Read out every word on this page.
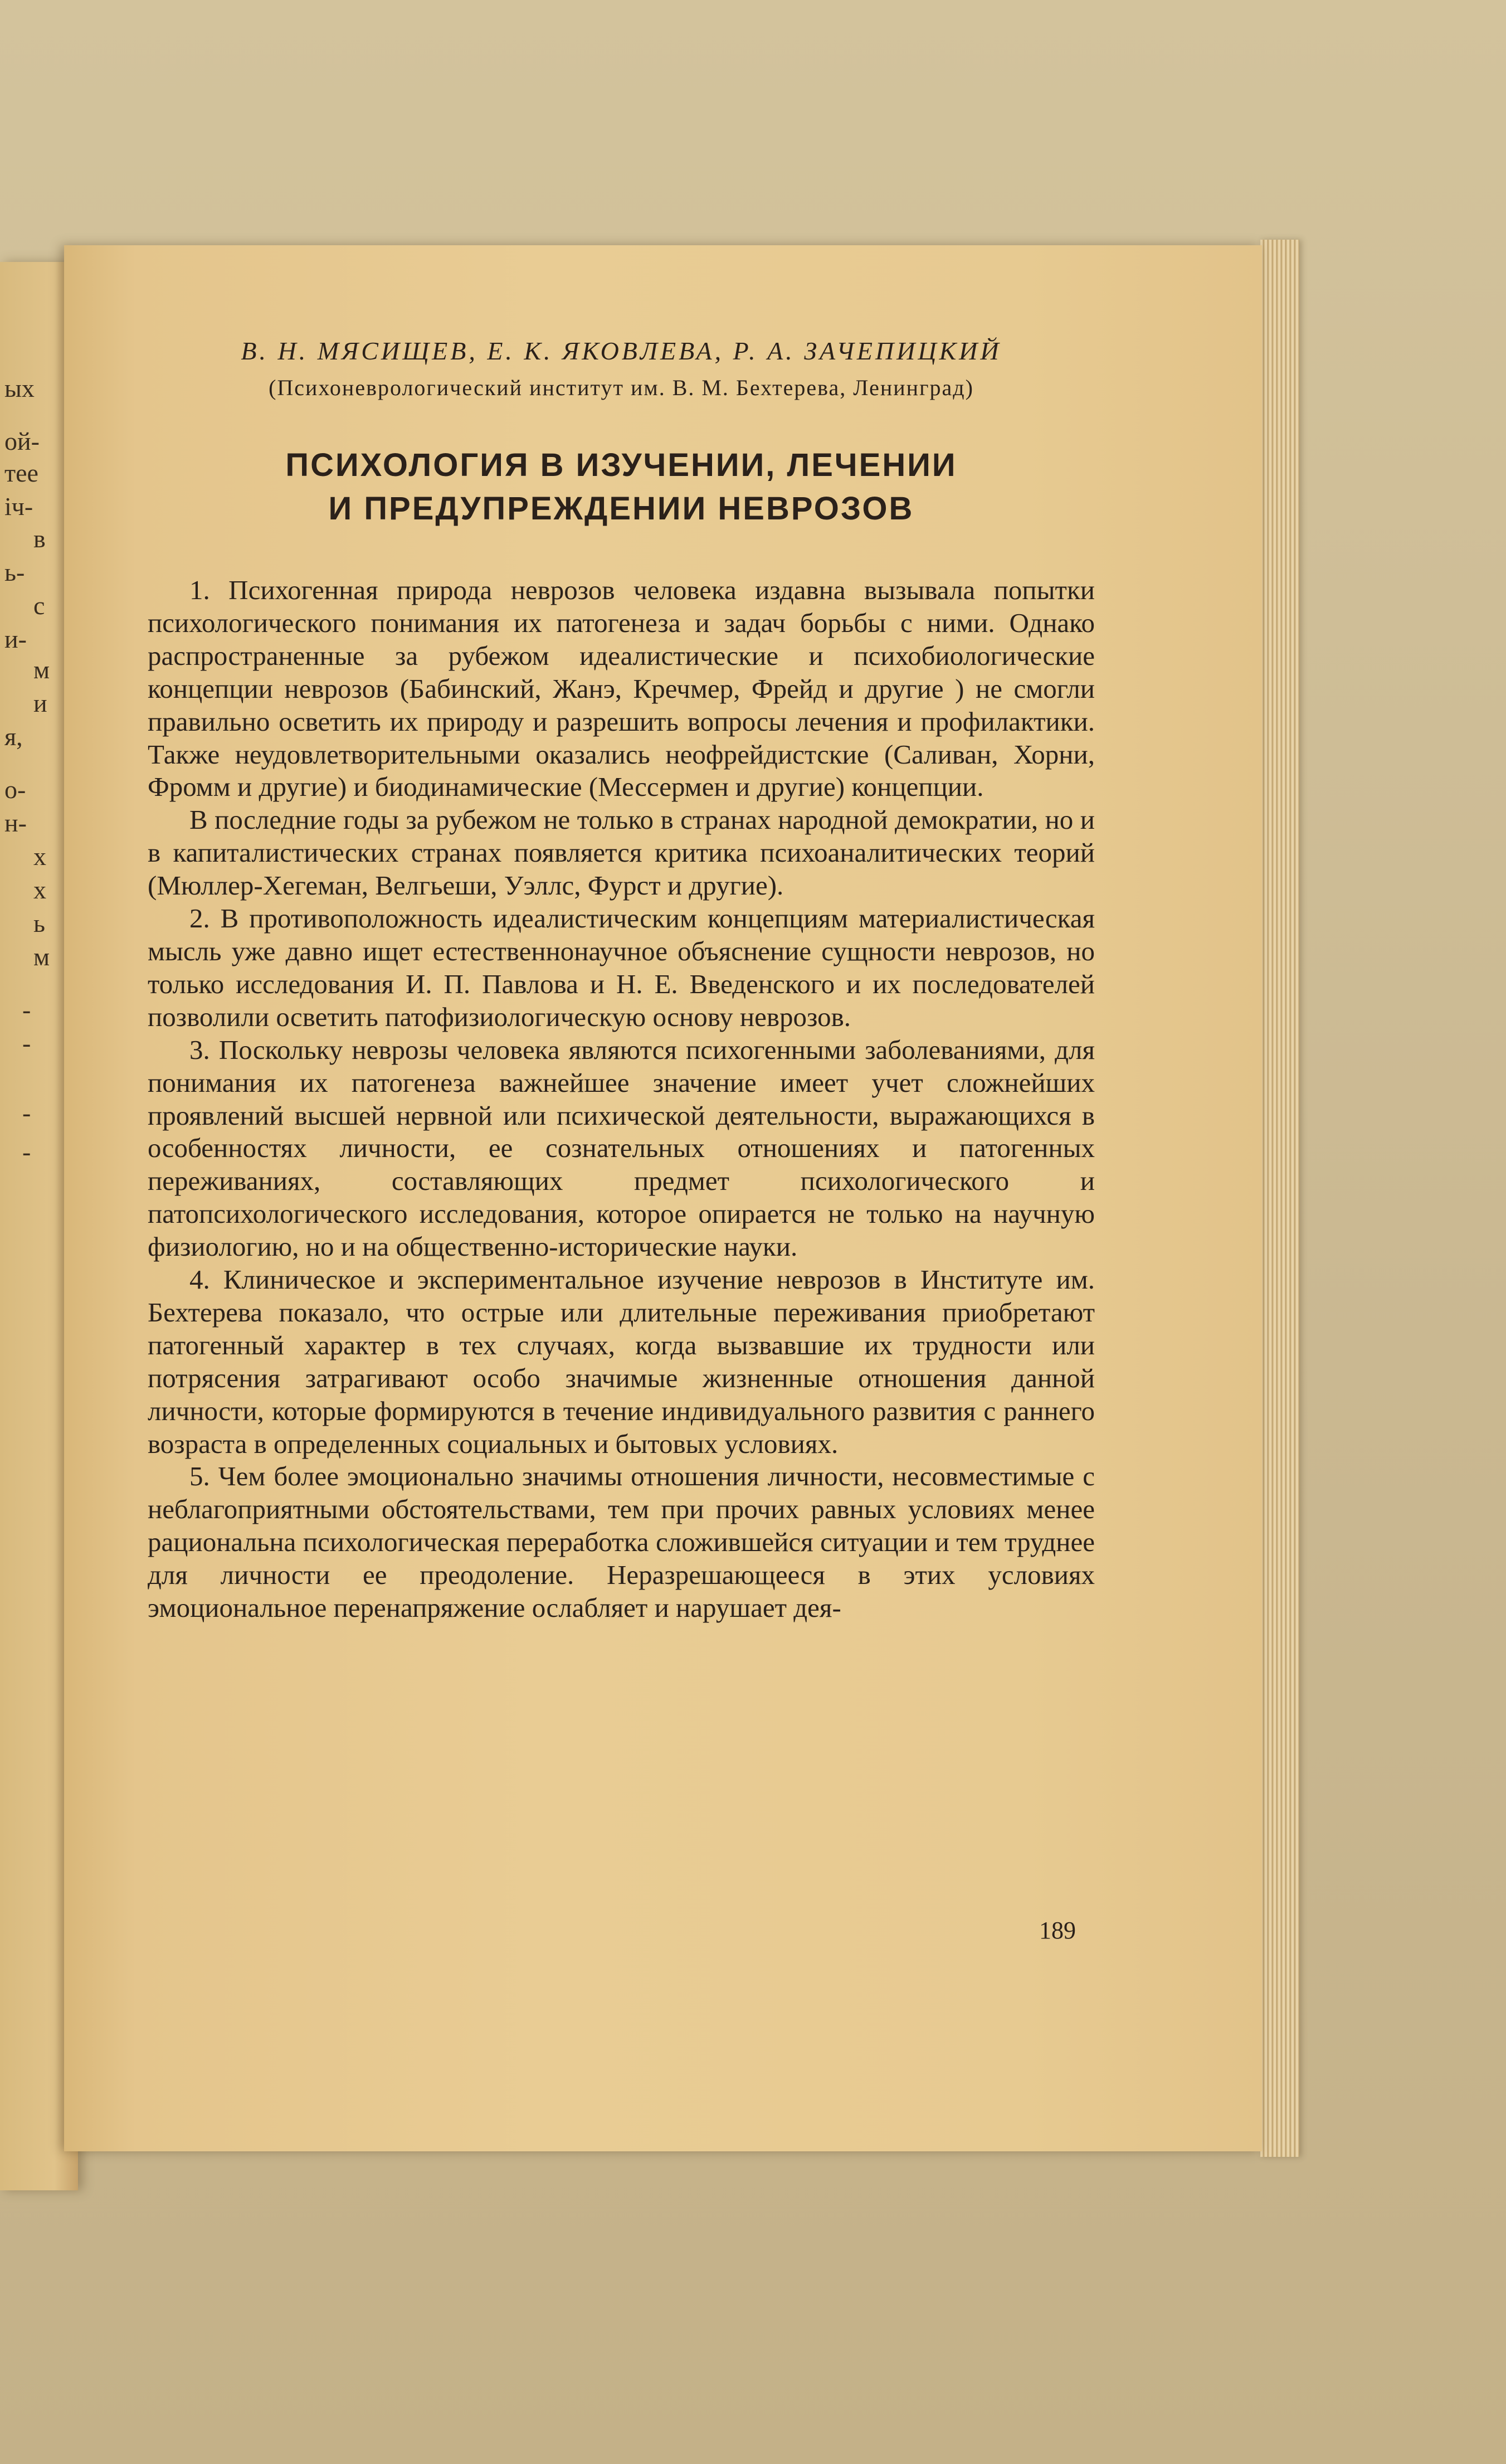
ых
ой-
тее
іч-
в
ь-
с
и-
м
и
я,
о-
н-
х
х
ь
м
-
-
-
-

В. Н. МЯСИЩЕВ, Е. К. ЯКОВЛЕВА, Р. А. ЗАЧЕПИЦКИЙ

(Психоневрологический институт им. В. М. Бехтерева, Ленинград)

ПСИХОЛОГИЯ В ИЗУЧЕНИИ, ЛЕЧЕНИИ
И ПРЕДУПРЕЖДЕНИИ НЕВРОЗОВ

1. Психогенная природа неврозов человека издавна вызывала попытки психологического понимания их патогенеза и задач борьбы с ними. Однако распространенные за рубежом идеалистические и психобиологические концепции неврозов (Бабинский, Жанэ, Кречмер, Фрейд и другие ) не смогли правильно осветить их природу и разрешить вопросы лечения и профилактики. Также неудовлетворительными оказались неофрейдистские (Саливан, Хорни, Фромм и другие) и биодинамические (Мессермен и другие) концепции.

В последние годы за рубежом не только в странах народной демократии, но и в капиталистических странах появляется критика психоаналитических теорий (Мюллер-Хегеман, Велгьеши, Уэллс, Фурст и другие).

2. В противоположность идеалистическим концепциям материалистическая мысль уже давно ищет естественнонаучное объяснение сущности неврозов, но только исследования И. П. Павлова и Н. Е. Введенского и их последователей позволили осветить патофизиологическую основу неврозов.

3. Поскольку неврозы человека являются психогенными заболеваниями, для понимания их патогенеза важнейшее значение имеет учет сложнейших проявлений высшей нервной или психической деятельности, выражающихся в особенностях личности, ее сознательных отношениях и патогенных переживаниях, составляющих предмет психологического и патопсихологического исследования, которое опирается не только на научную физиологию, но и на общественно-исторические науки.

4. Клиническое и экспериментальное изучение неврозов в Институте им. Бехтерева показало, что острые или длительные переживания приобретают патогенный характер в тех случаях, когда вызвавшие их трудности или потрясения затрагивают особо значимые жизненные отношения данной личности, которые формируются в течение индивидуального развития с раннего возраста в определенных социальных и бытовых условиях.

5. Чем более эмоционально значимы отношения личности, несовместимые с неблагоприятными обстоятельствами, тем при прочих равных условиях менее рациональна психологическая переработка сложившейся ситуации и тем труднее для личности ее преодоление. Неразрешающееся в этих условиях эмоциональное перенапряжение ослабляет и нарушает дея-

189
